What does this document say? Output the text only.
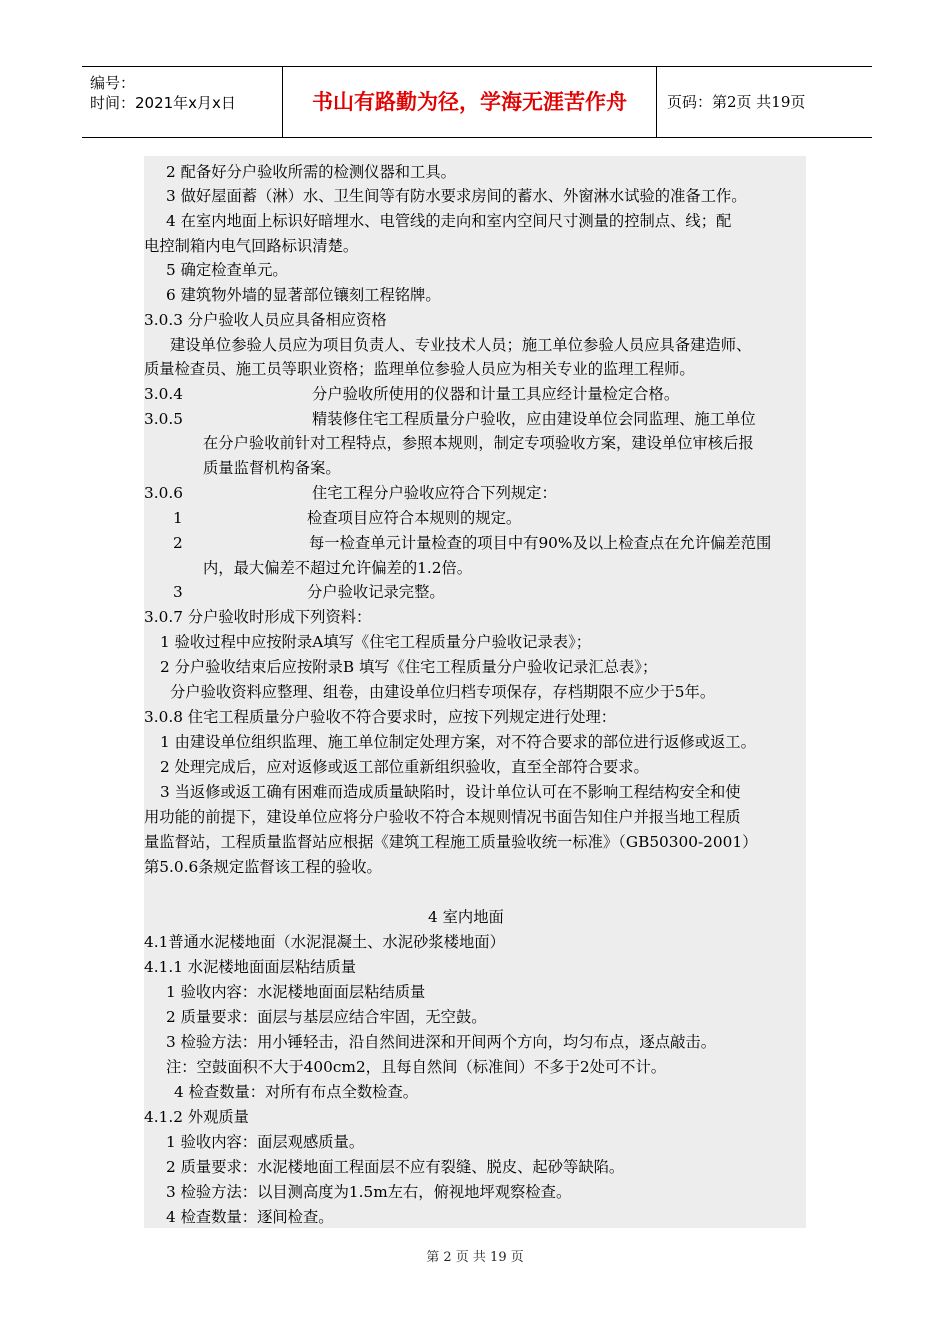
编号：
时间：2021年x月x日	书山有路勤为径，学海无涯苦作舟	页码：第2页 共19页
2 配备好分户验收所需的检测仪器和工具。
3 做好屋面蓄（淋）水、卫生间等有防水要求房间的蓄水、外窗淋水试验的准备工作。
4 在室内地面上标识好暗埋水、电管线的走向和室内空间尺寸测量的控制点、线；配
电控制箱内电气回路标识清楚。
5 确定检查单元。
6 建筑物外墙的显著部位镶刻工程铭牌。
3.0.3 分户验收人员应具备相应资格
建设单位参验人员应为项目负责人、专业技术人员；施工单位参验人员应具备建造师、
质量检查员、施工员等职业资格；监理单位参验人员应为相关专业的监理工程师。
3.0.4	分户验收所使用的仪器和计量工具应经计量检定合格。
3.0.5	精装修住宅工程质量分户验收，应由建设单位会同监理、施工单位
在分户验收前针对工程特点，参照本规则，制定专项验收方案，建设单位审核后报
质量监督机构备案。
3.0.6	住宅工程分户验收应符合下列规定：
1	检查项目应符合本规则的规定。
2	每一检查单元计量检查的项目中有90%及以上检查点在允许偏差范围
内，最大偏差不超过允许偏差的1.2倍。
3	分户验收记录完整。
3.0.7 分户验收时形成下列资料：
1 验收过程中应按附录A填写《住宅工程质量分户验收记录表》；
2 分户验收结束后应按附录B 填写《住宅工程质量分户验收记录汇总表》；
分户验收资料应整理、组卷，由建设单位归档专项保存，存档期限不应少于5年。
3.0.8 住宅工程质量分户验收不符合要求时，应按下列规定进行处理：
1 由建设单位组织监理、施工单位制定处理方案，对不符合要求的部位进行返修或返工。
2 处理完成后，应对返修或返工部位重新组织验收，直至全部符合要求。
3 当返修或返工确有困难而造成质量缺陷时，设计单位认可在不影响工程结构安全和使
用功能的前提下，建设单位应将分户验收不符合本规则情况书面告知住户并报当地工程质
量监督站，工程质量监督站应根据《建筑工程施工质量验收统一标准》（GB50300-2001）
第5.0.6条规定监督该工程的验收。
4 室内地面
4.1普通水泥楼地面（水泥混凝土、水泥砂浆楼地面）
4.1.1 水泥楼地面面层粘结质量
1 验收内容：水泥楼地面面层粘结质量
2 质量要求：面层与基层应结合牢固，无空鼓。
3 检验方法：用小锤轻击，沿自然间进深和开间两个方向，均匀布点，逐点敲击。
注：空鼓面积不大于400cm2，且每自然间（标准间）不多于2处可不计。
4 检查数量：对所有布点全数检查。
4.1.2 外观质量
1 验收内容：面层观感质量。
2 质量要求：水泥楼地面工程面层不应有裂缝、脱皮、起砂等缺陷。
3 检验方法：以目测高度为1.5m左右，俯视地坪观察检查。
4 检查数量：逐间检查。
第 2 页 共 19 页
